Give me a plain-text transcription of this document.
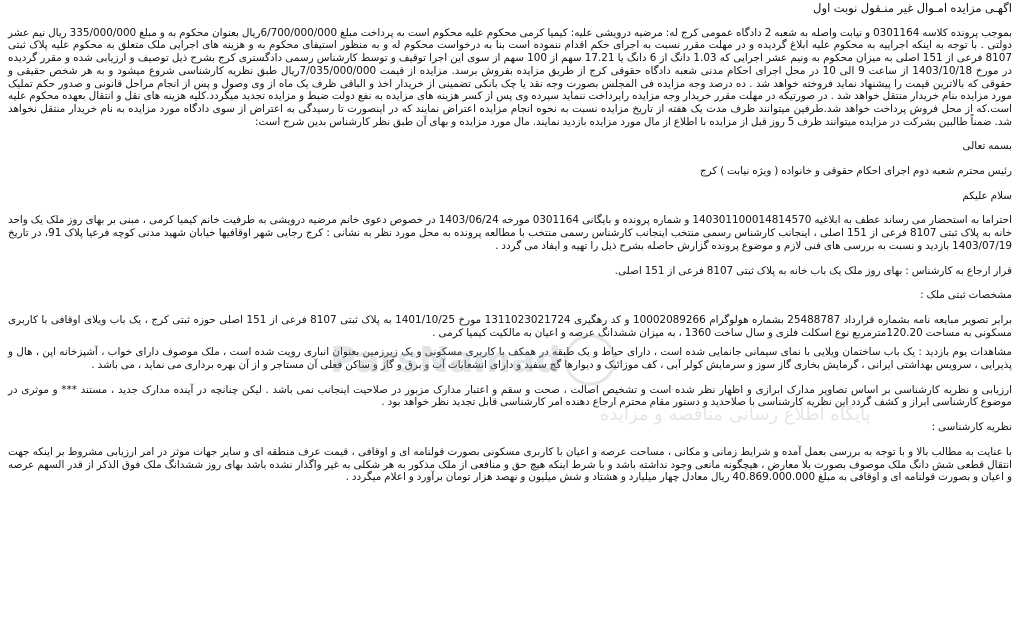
اگهـی مزایده امـوال غیر منـقول نوبت اول

بموجب پرونده کلاسه 0301164 و نیابت واصله به شعبه 2 دادگاه عمومی کرج له: مرضیه درویشی علیه: کیمیا کرمی محکوم علیه محکوم است به پرداخت مبلغ 6/700/000/000ریال بعنوان محکوم به و مبلغ 335/000/000 ریال نیم عشر دولتی . با توجه به اینکه اجراییه به محکوم علیه ابلاغ گردیده و در مهلت مقرر نسبت به اجرای حکم اقدام ننموده است بنا به درخواست محکوم له و به منظور استیفای محکوم به و هزینه های اجرایی ملک متعلق به محکوم علیه پلاک ثبتی 8107 فرعی از 151 اصلی به میزان محکوم به ونیم عشر اجرایی که 1.03 دانگ از 6 دانگ یا 17.21 سهم از 100 سهم از سوی این اجرا توقیف و توسط کارشناس رسمی دادگستری کرج بشرح ذیل توصیف و ارزیابی شده و مقرر گردیده در مورخ 1403/10/18 از ساعت 9 الی 10 در محل اجرای احکام مدنی شعبه دادگاه حقوقی کرج از طریق مزایده بفروش برسد. مزایده از قیمت 7/035/000/000ریال طبق نظریه کارشناسی شروع میشود و به هر شخص حقیقی و حقوقی که بالاترین قیمت را پیشنهاد نماید فروخته خواهد شد . ده درصد وجه مزایده فی المجلس بصورت وجه نقد یا چک بانکی تضمینی از خریدار اخذ و الباقی ظرف یک ماه از وی وصول و پس از انجام مراحل قانونی و صدور حکم تملیک مورد مزایده بنام خریدار منتقل خواهد شد . در صورتیکه در مهلت مقرر خریدار وجه مزایده رایرداخت ننماید سپرده وی پس از کسر هزینه های مزایده به نفع دولت ضبط و مزایده تجدید میگردد.کلیه هزینه های نقل و انتقال بعهده محکوم علیه است.که از محل فروش پرداخت خواهد شد.طرفین میتوانند ظرف مدت یک هفته از تاریخ مزایده نسبت به نحوه انجام مزایده اعتراض نمایند که در اینصورت تا رسیدگی به اعتراض از سوی دادگاه مورد مزایده به نام خریدار منتقل نخواهد شد. ضمناً طالبین بشرکت در مزایده میتوانند ظرف 5 روز قبل از مزایده با اطلاع از مال مورد مزایده بازدید نمایند. مال مورد مزایده و بهای آن طبق نظر کارشناس بدین شرح است:

بسمه تعالی

رئیس محترم شعبه دوم اجرای احکام حقوقی و خانواده ( ویژه نیابت ) کرج

سلام علیکم

احتراما به استحضار می رساند عطف به ابلاغیه 140301100014814570 و شماره پرونده و بایگانی 0301164 مورخه 1403/06/24 در خصوص دعوی خانم مرضیه درویشی به طرفیت خانم کیمیا کرمی ، مبنی بر بهای روز ملک یک واحد خانه به پلاک ثبتی 8107 فرعی از 151 اصلی ، اینجانب کارشناس رسمی منتخب اینجانب کارشناس رسمی منتخب با مطالعه پرونده به محل مورد نظر به نشانی : کرج رجایی شهر اوقافیها خیابان شهید مدنی کوچه فرعیا پلاک 91، در تاریخ 1403/07/19 بازدید و نسبت به بررسی های فنی لازم و موضوع پرونده گزارش حاصله بشرح ذیل را تهیه و ایفاد می گردد .

قرار ارجاع به کارشناس : بهای روز ملک یک باب خانه به پلاک ثبتی 8107 فرعی از 151 اصلی.

مشخصات ثبتی ملک :

برابر تصویر مبایعه نامه بشماره قرارداد 25488787 بشماره هولوگرام 10002089266 و کد رهگیری 1311023021724 مورخ 1401/10/25 به پلاک ثبتی 8107 فرعی از 151 اصلی حوزه ثبتی کرج ، یک باب ویلای اوقافی با کاربری مسکونی به مساحت 120.20مترمربع نوع اسکلت فلزی و سال ساخت 1360 ، به میزان ششدانگ عرصه و اعیان به مالکیت کیمیا کرمی .

مشاهدات یوم بازدید : یک باب ساختمان ویلایی با نمای سیمانی جانمایی شده است ، دارای حیاط و یک طبقه در همکف با کاربری مسکونی و یک زیرزمین بعنوان انباری رویت شده است ، ملک موصوف دارای خواب ، آشپزخانه اپن ، هال و پذیرایی ، سرویس بهداشتی ایرانی ، گرمایش بخاری گاز سوز و سرمایش کولر آبی ، کف موزائیک و دیوارها گچ سفید و دارای انشعابات آب و برق و گاز و ساکن فعلی آن مستاجر و از آن بهره برداری می نماید ، می باشد .

ارزیابی و نظریه کارشناسی بر اساس تصاویر مدارک ابرازی و اظهار نظر شده است و تشخیص اصالت ، صحت و سقم و اعتبار مدارک مزبور در صلاحیت اینجانب نمی باشد . لیکن چنانچه در آینده مدارک جدید ، مستند *** و موثری در موضوع کارشناسی ابراز و کشف گردد این نظریه کارشناسی با صلاحدید و دستور مقام محترم ارجاع دهنده امر کارشناسی قابل تجدید نظر خواهد بود .

نظریه کارشناسی :

با عنایت به مطالب بالا و با توجه به بررسی بعمل آمده و شرایط زمانی و مکانی ، مساحت عرصه و اعیان با کاربری مسکونی بصورت قولنامه ای و اوقافی ، قیمت عرف منطقه ای و سایر جهات موثر در امر ارزیابی مشروط بر اینکه جهت انتقال قطعی شش دانگ ملک موصوف بصورت بلا معارض ، هیچگونه مانعی وجود نداشته باشد و با شرط اینکه هیچ حق و منافعی از ملک مذکور به هر شکلی به غیر واگذار نشده باشد بهای روز ششدانگ ملک فوق الذکر از قدر السهم عرصه و اعیان و بصورت قولنامه ای و اوقافی به مبلغ 40.869.000.000 ریال معادل چهار میلیارد و هشتاد و شش میلیون و نهصد هزار تومان برآورد و اعلام میگردد .

ParsNamad
پایگاه اطلاع رسانی مناقصه و مزایده
